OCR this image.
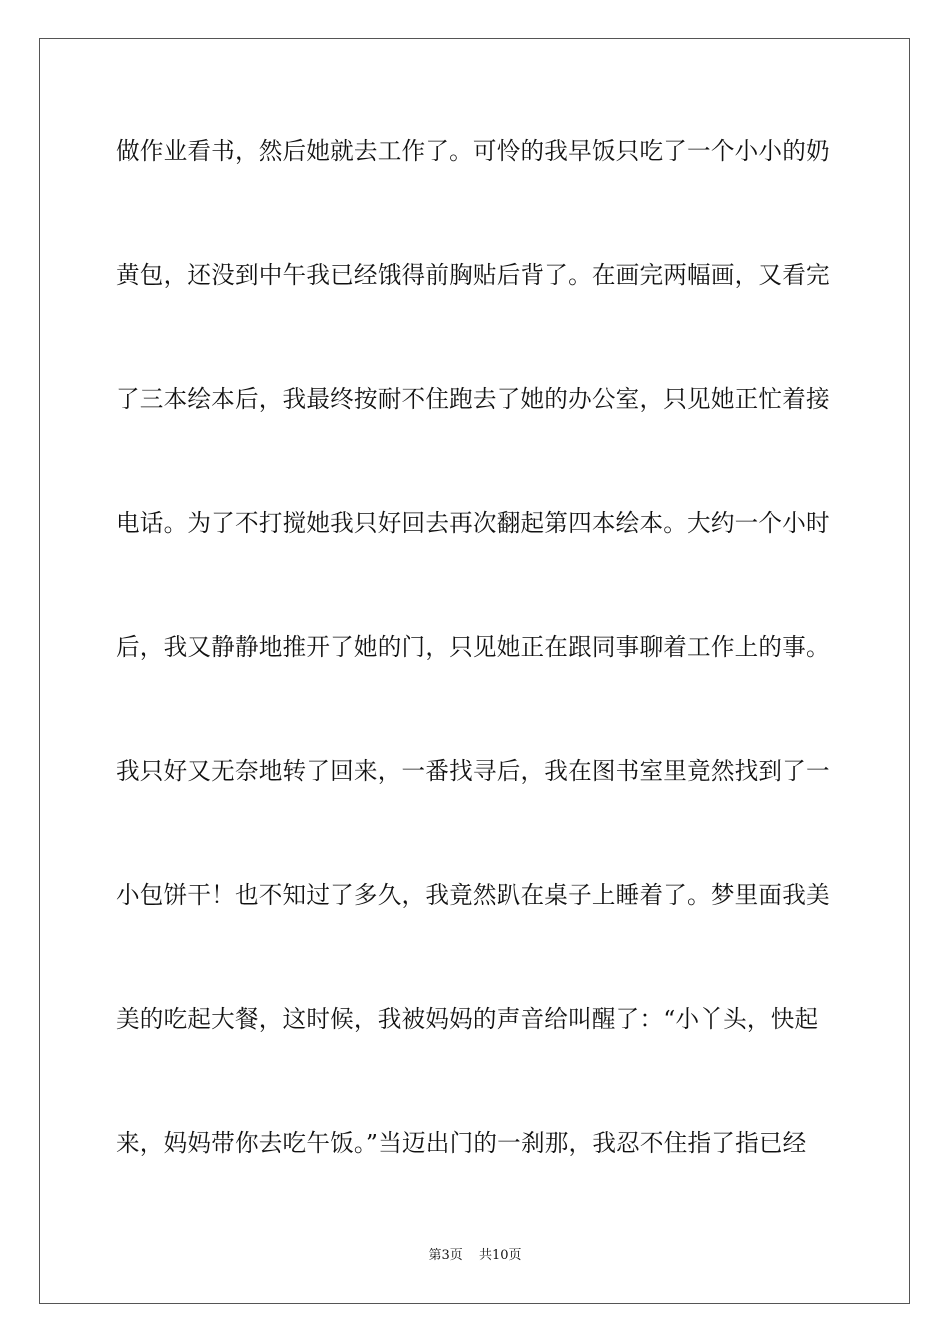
做作业看书，然后她就去工作了。可怜的我早饭只吃了一个小小的奶
黄包，还没到中午我已经饿得前胸贴后背了。在画完两幅画，又看完
了三本绘本后，我最终按耐不住跑去了她的办公室，只见她正忙着接
电话。为了不打搅她我只好回去再次翻起第四本绘本。大约一个小时
后，我又静静地推开了她的门，只见她正在跟同事聊着工作上的事。
我只好又无奈地转了回来，一番找寻后，我在图书室里竟然找到了一
小包饼干！也不知过了多久，我竟然趴在桌子上睡着了。梦里面我美
美的吃起大餐，这时候，我被妈妈的声音给叫醒了：“小丫头，快起
来，妈妈带你去吃午饭。”当迈出门的一刹那，我忍不住指了指已经
第3页 共10页
